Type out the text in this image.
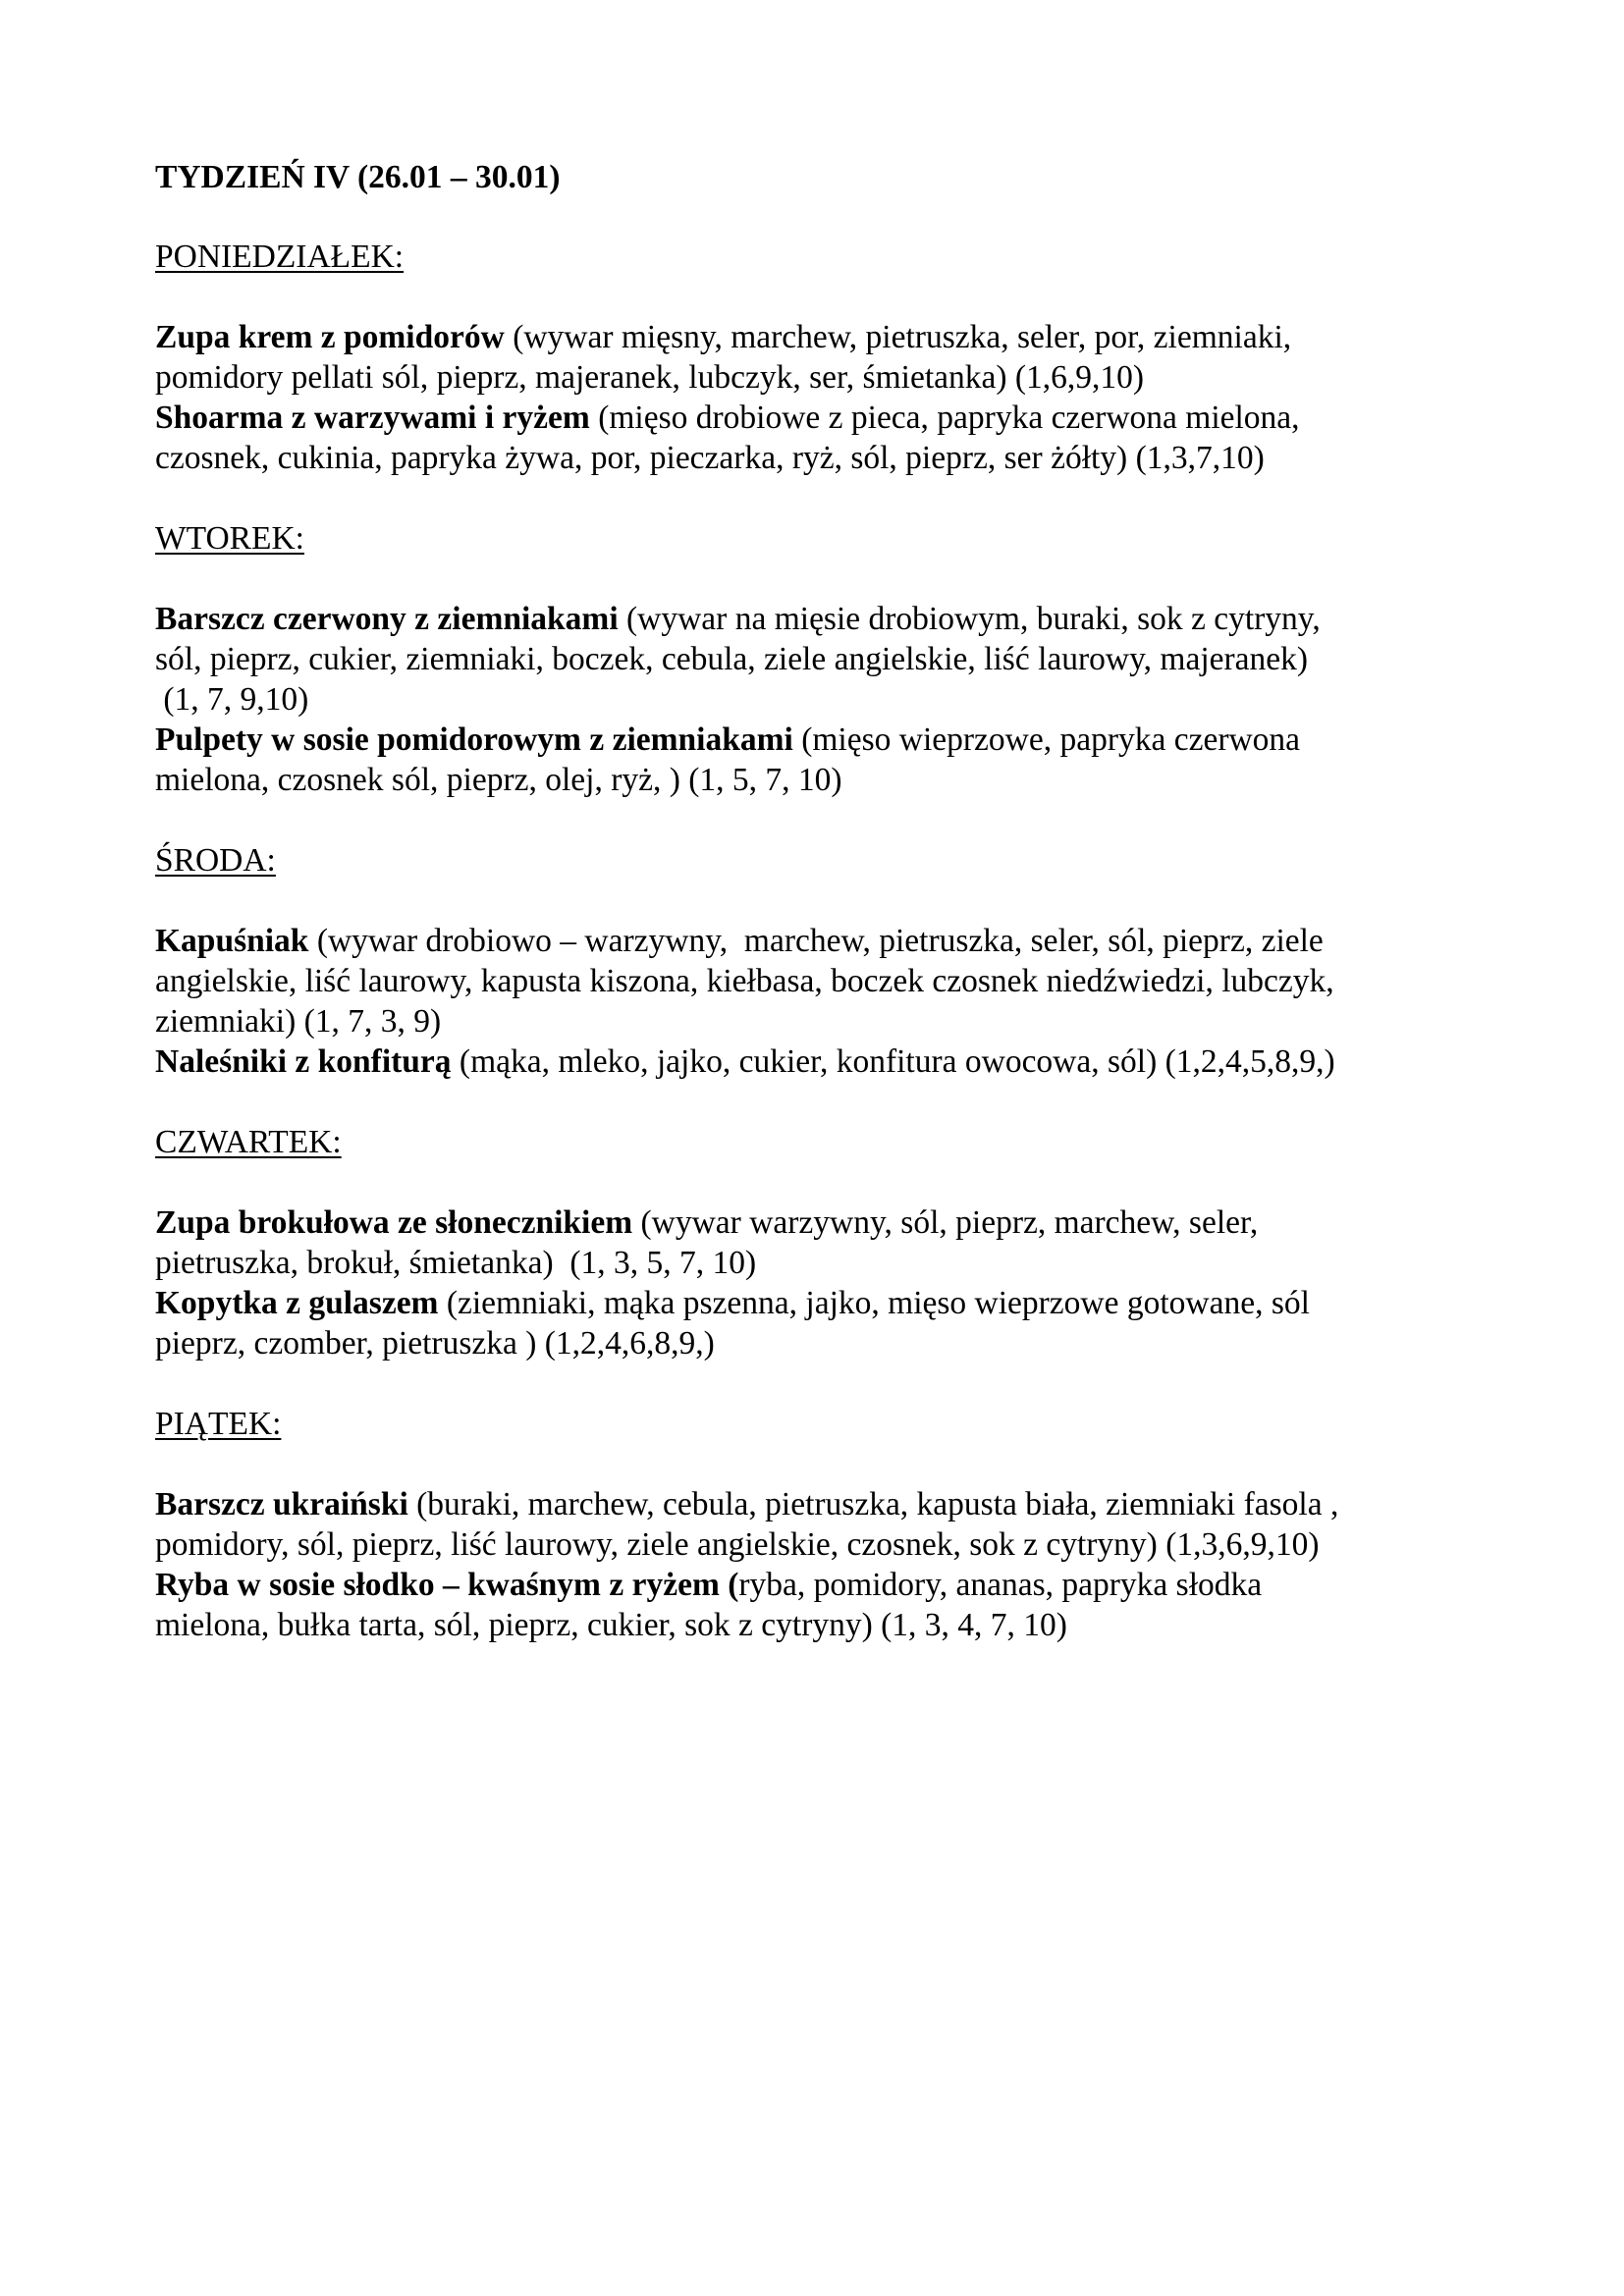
TYDZIEŃ IV (26.01 – 30.01)
PONIEDZIAŁEK:
Zupa krem z pomidorów (wywar mięsny, marchew, pietruszka, seler, por, ziemniaki,
pomidory pellati sól, pieprz, majeranek, lubczyk, ser, śmietanka) (1,6,9,10)
Shoarma z warzywami i ryżem (mięso drobiowe z pieca, papryka czerwona mielona,
czosnek, cukinia, papryka żywa, por, pieczarka, ryż, sól, pieprz, ser żółty) (1,3,7,10)
WTOREK:
Barszcz czerwony z ziemniakami (wywar na mięsie drobiowym, buraki, sok z cytryny,
sól, pieprz, cukier, ziemniaki, boczek, cebula, ziele angielskie, liść laurowy, majeranek)
(1, 7, 9,10)
Pulpety w sosie pomidorowym z ziemniakami (mięso wieprzowe, papryka czerwona
mielona, czosnek sól, pieprz, olej, ryż, ) (1, 5, 7, 10)
ŚRODA:
Kapuśniak (wywar drobiowo – warzywny,  marchew, pietruszka, seler, sól, pieprz, ziele
angielskie, liść laurowy, kapusta kiszona, kiełbasa, boczek czosnek niedźwiedzi, lubczyk,
ziemniaki) (1, 7, 3, 9)
Naleśniki z konfiturą (mąka, mleko, jajko, cukier, konfitura owocowa, sól) (1,2,4,5,8,9,)
CZWARTEK:
Zupa brokułowa ze słonecznikiem (wywar warzywny, sól, pieprz, marchew, seler,
pietruszka, brokuł, śmietanka)  (1, 3, 5, 7, 10)
Kopytka z gulaszem (ziemniaki, mąka pszenna, jajko, mięso wieprzowe gotowane, sól
pieprz, czomber, pietruszka ) (1,2,4,6,8,9,)
PIĄTEK:
Barszcz ukraiński (buraki, marchew, cebula, pietruszka, kapusta biała, ziemniaki fasola ,
pomidory, sól, pieprz, liść laurowy, ziele angielskie, czosnek, sok z cytryny) (1,3,6,9,10)
Ryba w sosie słodko – kwaśnym z ryżem (ryba, pomidory, ananas, papryka słodka
mielona, bułka tarta, sól, pieprz, cukier, sok z cytryny) (1, 3, 4, 7, 10)
